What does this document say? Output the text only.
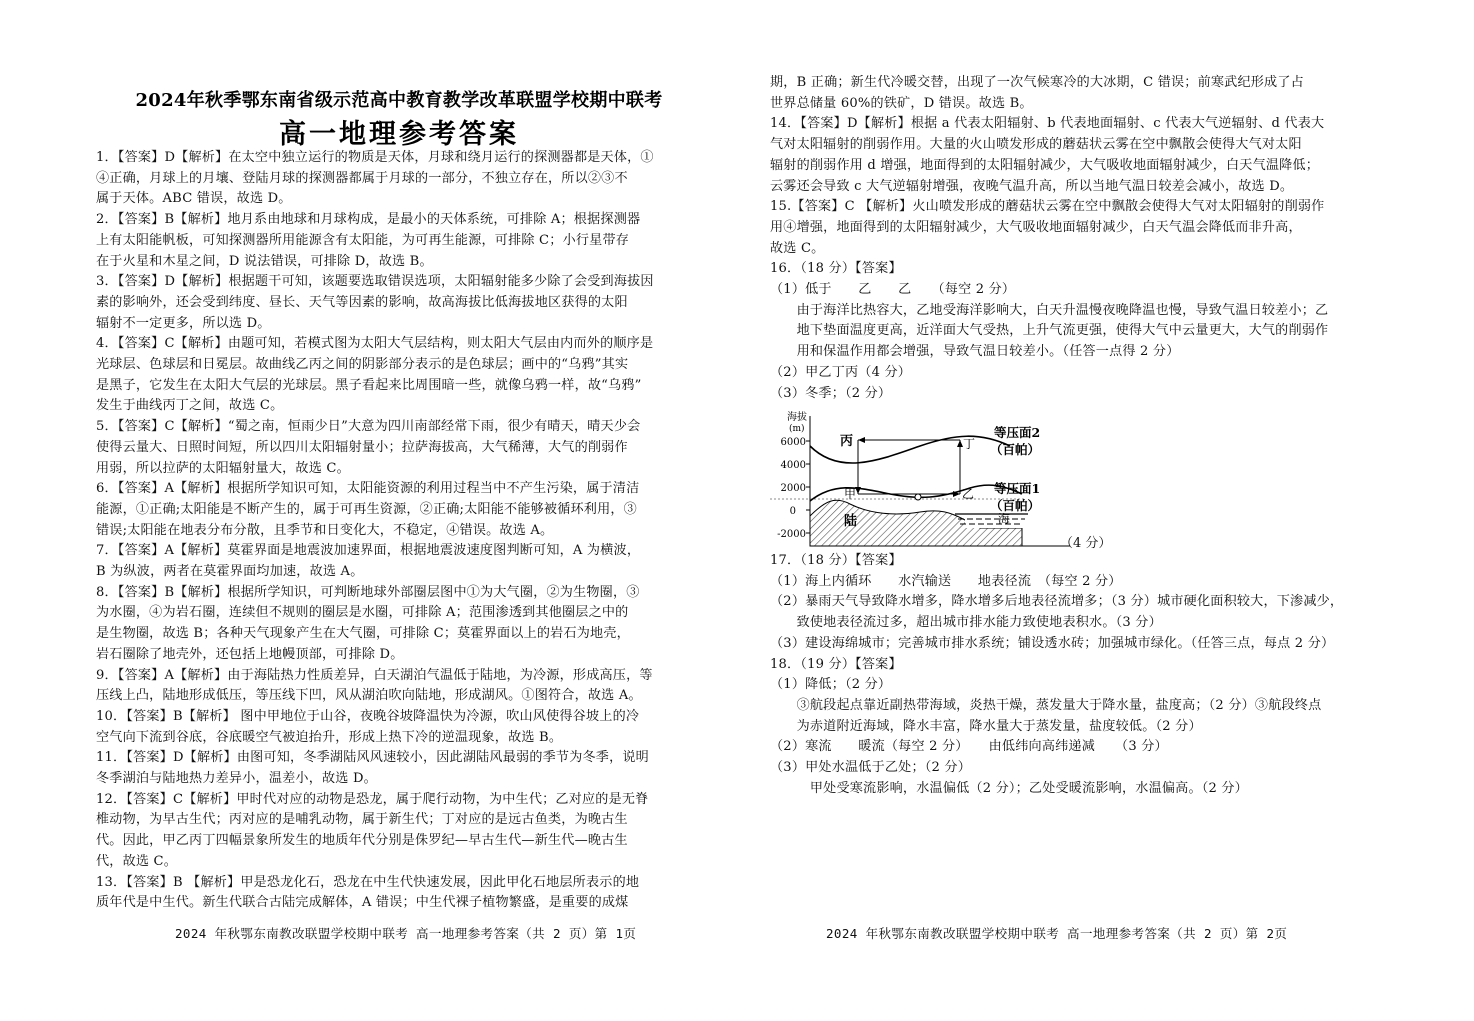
2024年秋季鄂东南省级示范高中教育教学改革联盟学校期中联考
高一地理参考答案
1．【答案】D【解析】在太空中独立运行的物质是天体，月球和绕月运行的探测器都是天体，①
④正确，月球上的月壤、登陆月球的探测器都属于月球的一部分，不独立存在，所以②③不
属于天体。ABC 错误，故选 D。
2．【答案】B【解析】地月系由地球和月球构成，是最小的天体系统，可排除 A；根据探测器
上有太阳能帆板，可知探测器所用能源含有太阳能，为可再生能源，可排除 C；小行星带存
在于火星和木星之间，D 说法错误，可排除 D，故选 B。
3．【答案】D【解析】根据题干可知，该题要选取错误选项，太阳辐射能多少除了会受到海拔因
素的影响外，还会受到纬度、昼长、天气等因素的影响，故高海拔比低海拔地区获得的太阳
辐射不一定更多，所以选 D。
4．【答案】C【解析】由题可知，若模式图为太阳大气层结构，则太阳大气层由内而外的顺序是
光球层、色球层和日冕层。故曲线乙丙之间的阴影部分表示的是色球层；画中的“乌鸦”其实
是黑子，它发生在太阳大气层的光球层。黑子看起来比周围暗一些，就像乌鸦一样，故“乌鸦”
发生于曲线丙丁之间，故选 C。
5．【答案】C【解析】“蜀之南，恒雨少日”大意为四川南部经常下雨，很少有晴天，晴天少会
使得云量大、日照时间短，所以四川太阳辐射量小；拉萨海拔高，大气稀薄，大气的削弱作
用弱，所以拉萨的太阳辐射量大，故选 C。
6．【答案】A【解析】根据所学知识可知，太阳能资源的利用过程当中不产生污染，属于清洁
能源，①正确;太阳能是不断产生的，属于可再生资源，②正确;太阳能不能够被循环利用，③
错误;太阳能在地表分布分散，且季节和日变化大，不稳定，④错误。故选 A。
7．【答案】A【解析】莫霍界面是地震波加速界面，根据地震波速度图判断可知，A 为横波，
B 为纵波，两者在莫霍界面均加速，故选 A。
8．【答案】B【解析】根据所学知识，可判断地球外部圈层图中①为大气圈，②为生物圈，③
为水圈，④为岩石圈，连续但不规则的圈层是水圈，可排除 A；范围渗透到其他圈层之中的
是生物圈，故选 B；各种天气现象产生在大气圈，可排除 C；莫霍界面以上的岩石为地壳，
岩石圈除了地壳外，还包括上地幔顶部，可排除 D。
9．【答案】A【解析】由于海陆热力性质差异，白天湖泊气温低于陆地，为冷源，形成高压，等
压线上凸，陆地形成低压，等压线下凹，风从湖泊吹向陆地，形成湖风。①图符合，故选 A。
10．【答案】B【解析】 图中甲地位于山谷，夜晚谷坡降温快为冷源，吹山风使得谷坡上的冷
空气向下流到谷底，谷底暖空气被迫抬升，形成上热下冷的逆温现象，故选 B。
11．【答案】D【解析】由图可知，冬季湖陆风风速较小，因此湖陆风最弱的季节为冬季，说明
冬季湖泊与陆地热力差异小，温差小，故选 D。
12．【答案】C【解析】甲时代对应的动物是恐龙，属于爬行动物，为中生代；乙对应的是无脊
椎动物，为早古生代；丙对应的是哺乳动物，属于新生代；丁对应的是远古鱼类，为晚古生
代。因此，甲乙丙丁四幅景象所发生的地质年代分别是侏罗纪—早古生代—新生代—晚古生
代，故选 C。
13．【答案】B 【解析】甲是恐龙化石，恐龙在中生代快速发展，因此甲化石地层所表示的地
质年代是中生代。新生代联合古陆完成解体，A 错误；中生代裸子植物繁盛，是重要的成煤
期，B 正确；新生代冷暖交替，出现了一次气候寒冷的大冰期，C 错误；前寒武纪形成了占
世界总储量 60%的铁矿，D 错误。故选 B。
14．【答案】D【解析】根据 a 代表太阳辐射、b 代表地面辐射、c 代表大气逆辐射、d 代表大
气对太阳辐射的削弱作用。大量的火山喷发形成的蘑菇状云雾在空中飘散会使得大气对太阳
辐射的削弱作用 d 增强，地面得到的太阳辐射减少，大气吸收地面辐射减少，白天气温降低；
云雾还会导致 c 大气逆辐射增强，夜晚气温升高，所以当地气温日较差会减小，故选 D。
15.【答案】C 【解析】火山喷发形成的蘑菇状云雾在空中飘散会使得大气对太阳辐射的削弱作
用④增强，地面得到的太阳辐射减少，大气吸收地面辐射减少，白天气温会降低而非升高，
故选 C。
16．（18 分）【答案】
（1）低于　　乙　　乙　　（每空 2 分）
　　由于海洋比热容大，乙地受海洋影响大，白天升温慢夜晚降温也慢，导致气温日较差小；乙
　　地下垫面温度更高，近洋面大气受热，上升气流更强，使得大气中云量更大，大气的削弱作
　　用和保温作用都会增强，导致气温日较差小。（任答一点得 2 分）
（2）甲乙丁丙（4 分）
（3）冬季；（2 分）
17．（18 分）【答案】
（1）海上内循环　　水汽输送　　地表径流　（每空 2 分）
（2）暴雨天气导致降水增多，降水增多后地表径流增多；（3 分）城市硬化面积较大，下渗减少，
　　致使地表径流过多，超出城市排水能力致使地表积水。（3 分）
（3）建设海绵城市；完善城市排水系统；铺设透水砖；加强城市绿化。（任答三点，每点 2 分）
18．（19 分）【答案】
（1）降低；（2 分）
　　③航段起点靠近副热带海域，炎热干燥，蒸发量大于降水量，盐度高；（2 分）③航段终点
　　为赤道附近海域，降水丰富，降水量大于蒸发量，盐度较低。（2 分）
（2）寒流　　暖流（每空 2 分）　　由低纬向高纬递减　　（3 分）
（3）甲处水温低于乙处；（2 分）
　　　甲处受寒流影响，水温偏低（2 分）；乙处受暖流影响，水温偏高。（2 分）
海拔
(m)
6000
4000
2000
0
-2000
丙	丁
甲	乙
陆	海
等压面2
（百帕）
等压面1
（百帕）
（4 分）
2024 年秋鄂东南教改联盟学校期中联考 高一地理参考答案（共 2 页）第 1页	2024 年秋鄂东南教改联盟学校期中联考 高一地理参考答案（共 2 页）第 2页
